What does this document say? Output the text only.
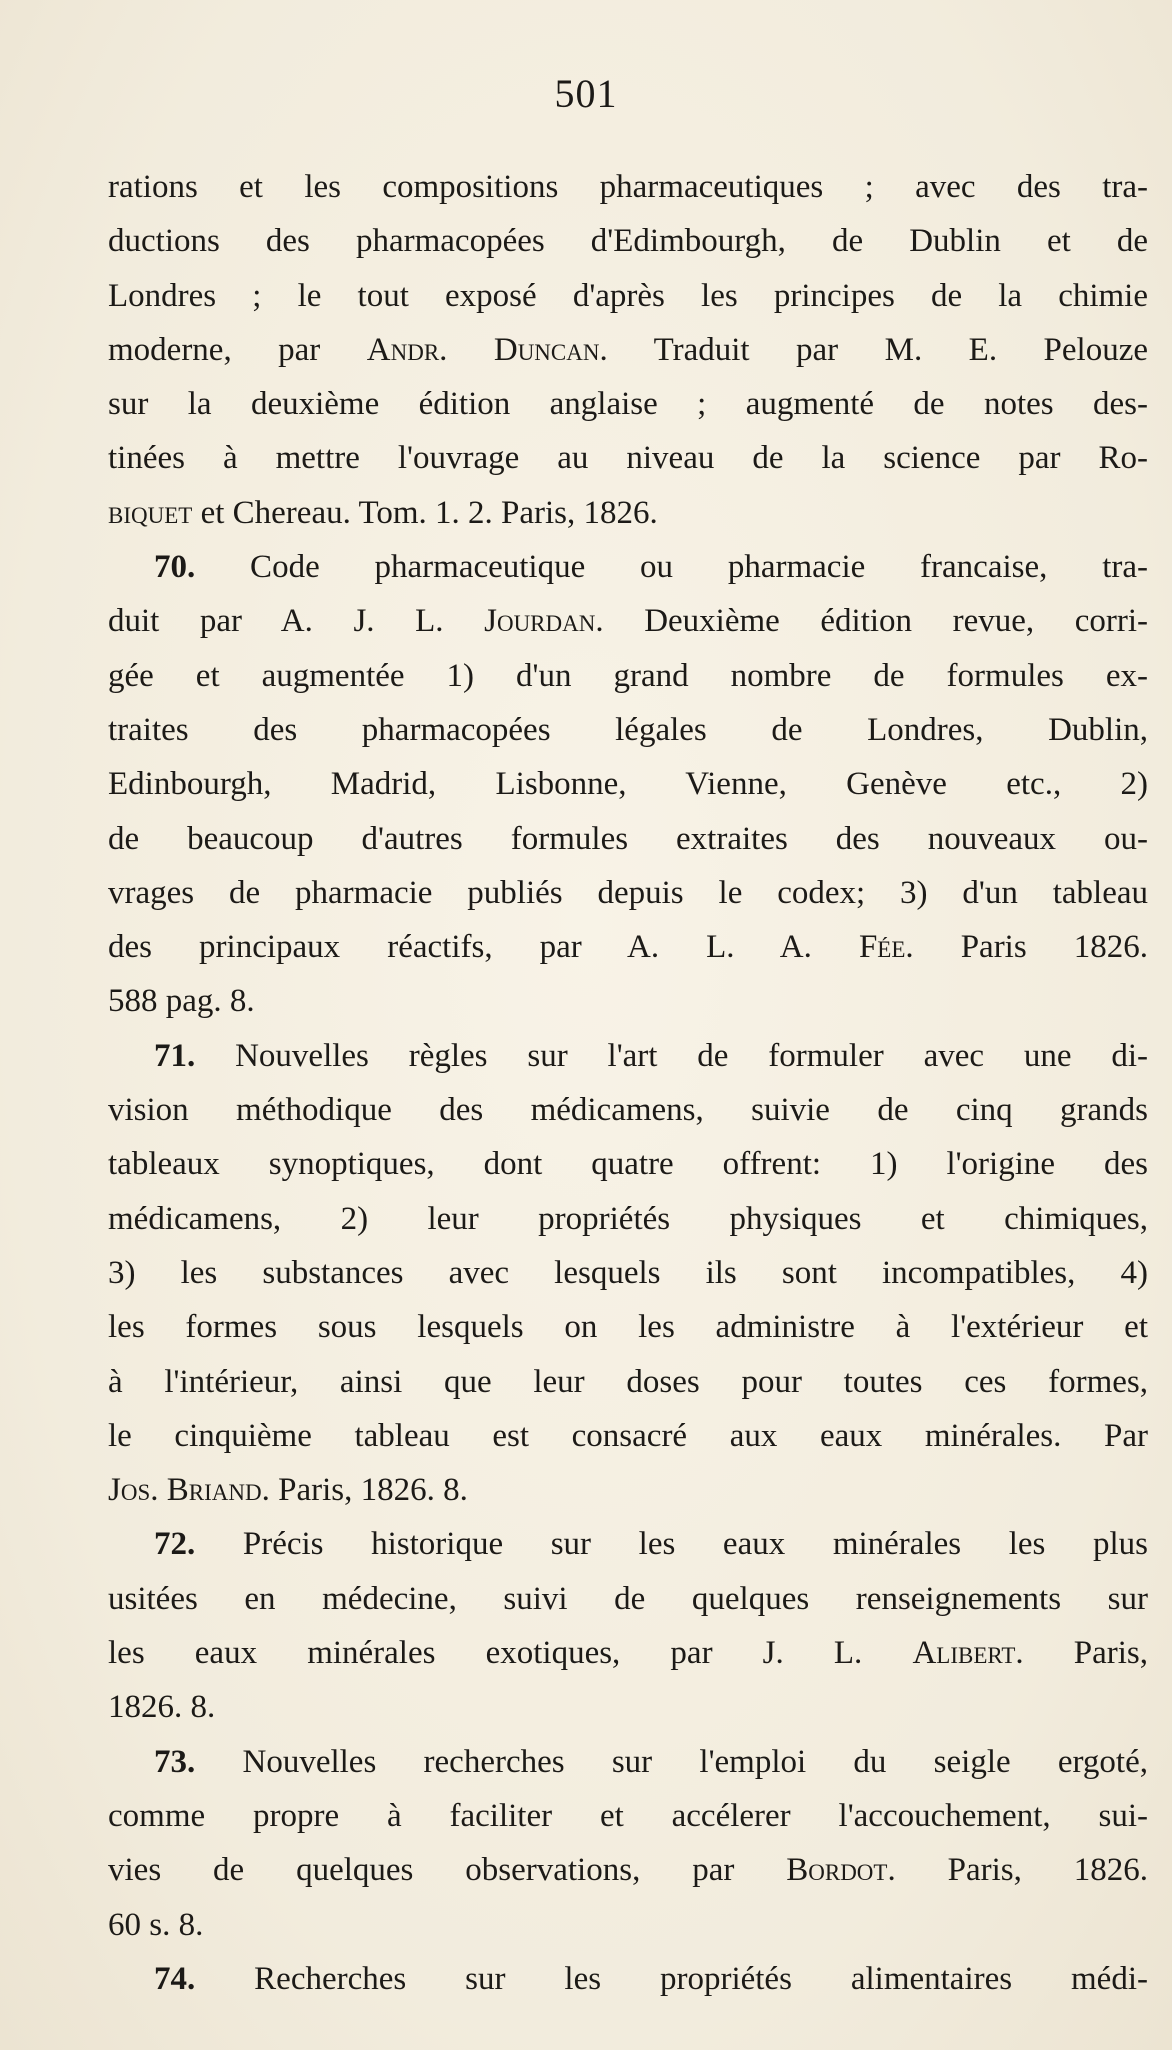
501
rations et les compositions pharmaceutiques ; avec des tra-
ductions des pharmacopées d'Edimbourgh, de Dublin et de
Londres ; le tout exposé d'après les principes de la chimie
moderne, par Andr. Duncan. Traduit par M. E. Pelouze
sur la deuxième édition anglaise ; augmenté de notes des-
tinées à mettre l'ouvrage au niveau de la science par Ro-
biquet et Chereau. Tom. 1. 2. Paris, 1826.
70. Code pharmaceutique ou pharmacie francaise, tra-
duit par A. J. L. Jourdan. Deuxième édition revue, corri-
gée et augmentée 1) d'un grand nombre de formules ex-
traites des pharmacopées légales de Londres, Dublin,
Edinbourgh, Madrid, Lisbonne, Vienne, Genève etc., 2)
de beaucoup d'autres formules extraites des nouveaux ou-
vrages de pharmacie publiés depuis le codex; 3) d'un tableau
des principaux réactifs, par A. L. A. Fée. Paris 1826.
588 pag. 8.
71. Nouvelles règles sur l'art de formuler avec une di-
vision méthodique des médicamens, suivie de cinq grands
tableaux synoptiques, dont quatre offrent: 1) l'origine des
médicamens, 2) leur propriétés physiques et chimiques,
3) les substances avec lesquels ils sont incompatibles, 4)
les formes sous lesquels on les administre à l'extérieur et
à l'intérieur, ainsi que leur doses pour toutes ces formes,
le cinquième tableau est consacré aux eaux minérales. Par
Jos. Briand. Paris, 1826. 8.
72. Précis historique sur les eaux minérales les plus
usitées en médecine, suivi de quelques renseignements sur
les eaux minérales exotiques, par J. L. Alibert. Paris,
1826. 8.
73. Nouvelles recherches sur l'emploi du seigle ergoté,
comme propre à faciliter et accélerer l'accouchement, sui-
vies de quelques observations, par Bordot. Paris, 1826.
60 s. 8.
74. Recherches sur les propriétés alimentaires médi-
